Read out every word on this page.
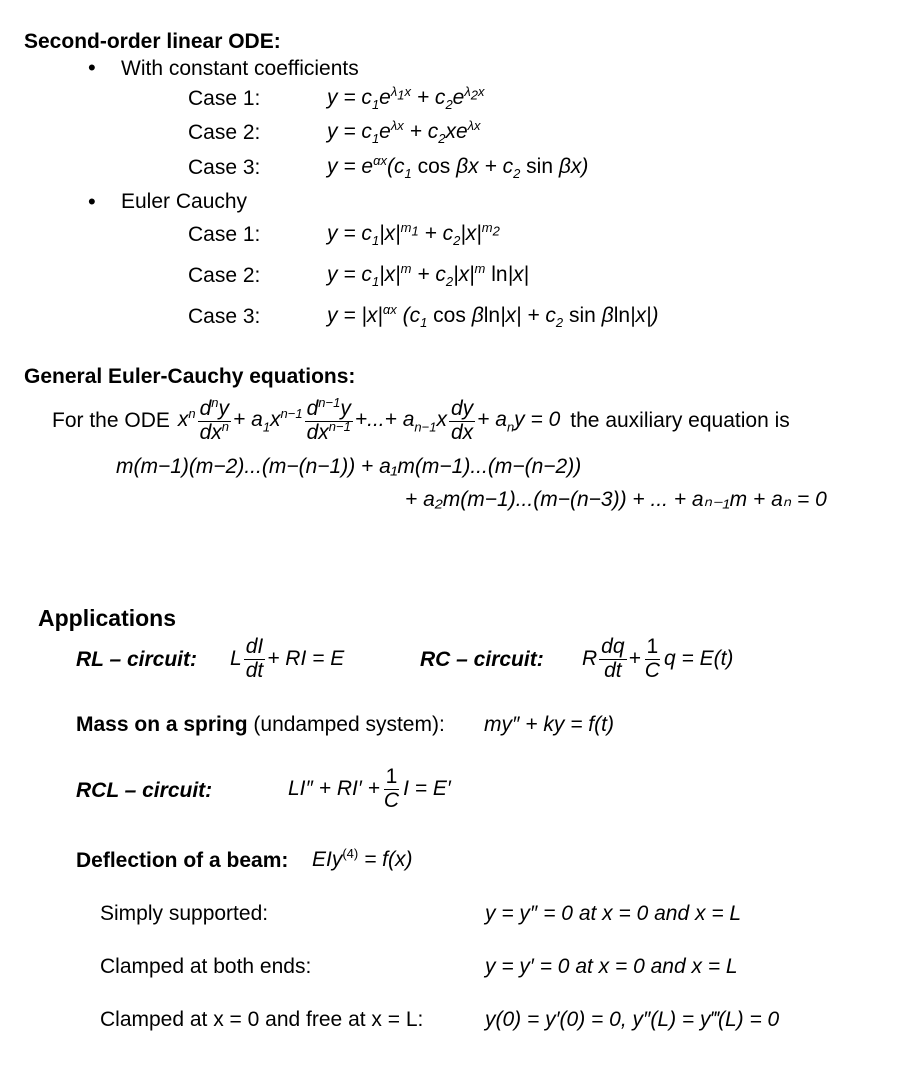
Second-order linear ODE:
• With constant coefficients
Case 1:	$y = c_1e^{\lambda_1x} + c_2e^{\lambda_2x}$
Case 2:	$y = c_1e^{\lambda x} + c_2xe^{\lambda x}$
Case 3:	$y = e^{\alpha x}(c_1$ $\cos \beta x + c_2$ sin βx)
• Euler Cauchy
Case 1:	$y = c_1|x|^{m_1} + c_2|x|^{m_2}$
Case 2:	$y = c_1|x|^m + c_2|x|^m$ ln|x|
Case 3:	$y = |x|^{\alpha x}$ ($c_1$ $\cos \beta\ln|x| + c_2$ sin βln|x|)
General Euler-Cauchy equations:
For the ODE $x^n \frac{d^ny}{dx^n} + a_1x^{n-1} \frac{d^{n-1}y}{dx^{n-1}}$ +...+ $a_{n-1}x \frac{dy}{dx} + a_ny = 0$ the auxiliary equation is
m(m−1)(m−2)...(m−(n−1)) + a₁m(m−1)...(m−(n−2))
+ a₂m(m−1)...(m−(n−3)) + ... + aₙ₋₁m + aₙ = 0
Applications
RL – circuit: L $\frac{dI}{dt}$ + RI = E	RC – circuit: R $\frac{dq}{dt} + \frac{1}{C}$ q = E(t)
Mass on a spring (undamped system): my″ + ky = f(t)
RCL – circuit:	$LI'' + RI' + \frac{1}{C}$ I = E′
Deflection of a beam: EIy$^{(4)}$ = f(x)
Simply supported:	y = y″ = 0 at x = 0 and x = L
Clamped at both ends:	y = y′ = 0 at x = 0 and x = L
Clamped at x = 0 and free at x = L:	y(0) = y′(0) = 0, y″(L) = y‴(L) = 0
